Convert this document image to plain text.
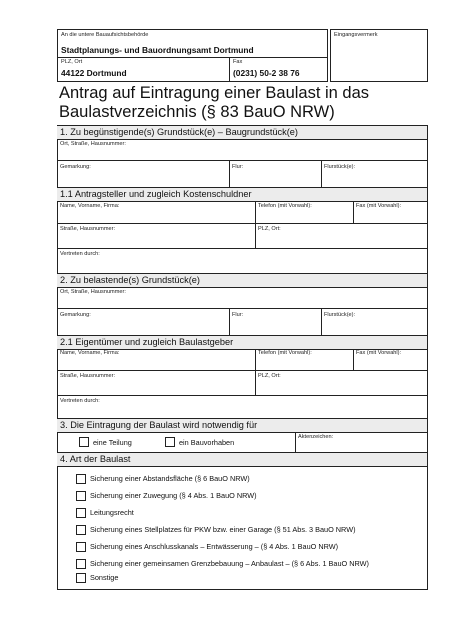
An die untere Bauaufsichtsbehörde	Eingangsvermerk
Stadtplanungs- und Bauordnungsamt Dortmund
PLZ, Ort
44122 Dortmund
Fax
(0231) 50-2 38 76
Antrag auf Eintragung einer Baulast in das
Baulastverzeichnis (§ 83 BauO NRW)
1. Zu begünstigende(s) Grundstück(e) – Baugrundstück(e)
Ort, Straße, Hausnummer:
Gemarkung:	Flur:	Flurstück(e):
1.1 Antragsteller und zugleich Kostenschuldner
Name, Vorname, Firma:	Telefon (mit Vorwahl):	Fax (mit Vorwahl):
Straße, Hausnummer:	PLZ, Ort:
Vertreten durch:
2. Zu belastende(s) Grundstück(e)
Ort, Straße, Hausnummer:
Gemarkung:	Flur:	Flurstück(e):
2.1 Eigentümer und zugleich Baulastgeber
Name, Vorname, Firma:	Telefon (mit Vorwahl):	Fax (mit Vorwahl):
Straße, Hausnummer:	PLZ, Ort:
Vertreten durch:
3. Die Eintragung der Baulast wird notwendig für
eine Teilung	ein Bauvorhaben
Aktenzeichen:
4. Art der Baulast
Sicherung einer Abstandsfläche (§ 6 BauO NRW)
Sicherung einer Zuwegung (§ 4 Abs. 1 BauO NRW)
Leitungsrecht
Sicherung eines Stellplatzes für PKW bzw. einer Garage (§ 51 Abs. 3 BauO NRW)
Sicherung eines Anschlusskanals – Entwässerung – (§ 4 Abs. 1 BauO NRW)
Sicherung einer gemeinsamen Grenzbebauung – Anbaulast – (§ 6 Abs. 1 BauO NRW)
Sonstige
